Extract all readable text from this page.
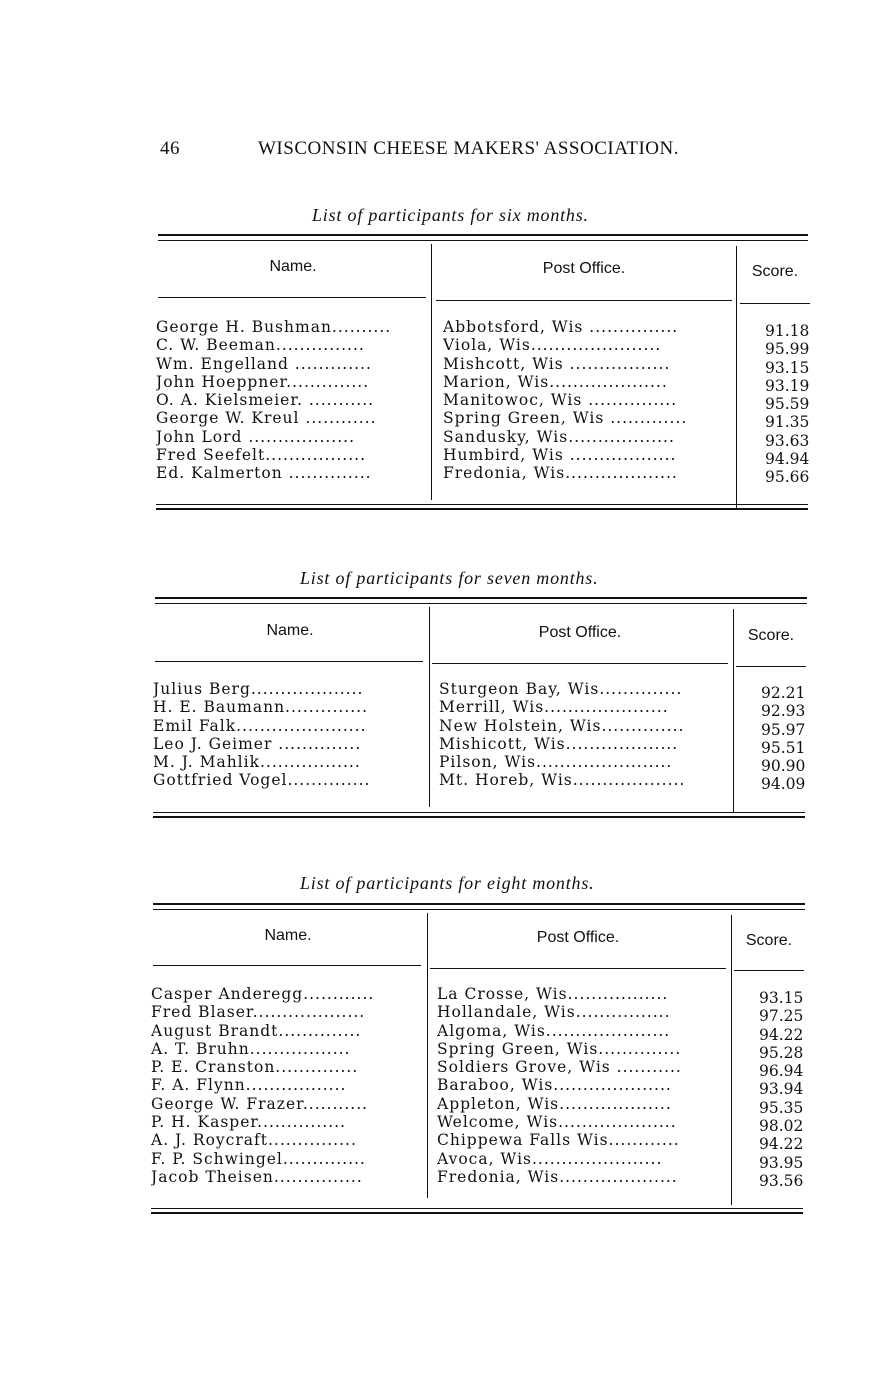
46	WISCONSIN CHEESE MAKERS' ASSOCIATION.
List of participants for six months.
Name.	Post Office.	Score.
George H. Bushman..........	Abbotsford, Wis ...............	91.18
C. W. Beeman...............	Viola, Wis......................	95.99
Wm. Engelland .............	Mishcott, Wis .................	93.15
John Hoeppner..............	Marion, Wis....................	93.19
O. A. Kielsmeier. ...........	Manitowoc, Wis ...............	95.59
George W. Kreul ............	Spring Green, Wis .............	91.35
John Lord ..................	Sandusky, Wis..................	93.63
Fred Seefelt.................	Humbird, Wis ..................	94.94
Ed. Kalmerton ..............	Fredonia, Wis...................	95.66
List of participants for seven months.
Name.	Post Office.	Score.
Julius Berg...................	Sturgeon Bay, Wis..............	92.21
H. E. Baumann..............	Merrill, Wis.....................	92.93
Emil Falk......................	New Holstein, Wis..............	95.97
Leo J. Geimer ..............	Mishicott, Wis...................	95.51
M. J. Mahlik.................	Pilson, Wis.......................	90.90
Gottfried Vogel..............	Mt. Horeb, Wis...................	94.09
List of participants for eight months.
Name.	Post Office.	Score.
Casper Anderegg............	La Crosse, Wis.................	93.15
Fred Blaser...................	Hollandale, Wis................	97.25
August Brandt..............	Algoma, Wis.....................	94.22
A. T. Bruhn.................	Spring Green, Wis..............	95.28
P. E. Cranston..............	Soldiers Grove, Wis ...........	96.94
F. A. Flynn.................	Baraboo, Wis....................	93.94
George W. Frazer...........	Appleton, Wis...................	95.35
P. H. Kasper...............	Welcome, Wis....................	98.02
A. J. Roycraft...............	Chippewa Falls Wis............	94.22
F. P. Schwingel..............	Avoca, Wis......................	93.95
Jacob Theisen...............	Fredonia, Wis....................	93.56
